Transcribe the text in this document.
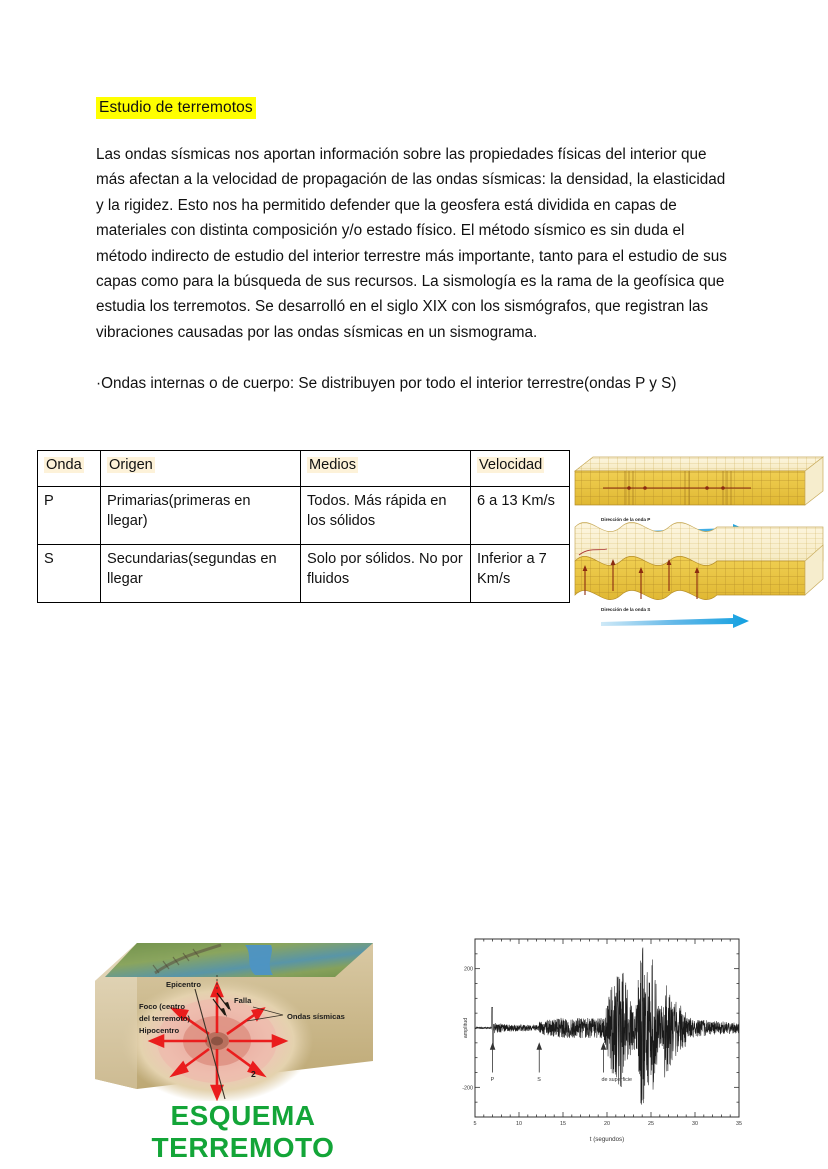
Estudio de terremotos
Las ondas sísmicas nos aportan información sobre las propiedades físicas del interior que más afectan a la velocidad de propagación de las ondas sísmicas: la densidad, la elasticidad y la rigidez. Esto nos ha permitido defender que la geosfera está dividida en capas de materiales con distinta composición y/o estado físico. El método sísmico es sin duda el método indirecto de estudio del interior terrestre más importante, tanto para el estudio de sus capas como para la búsqueda de sus recursos. La sismología es la rama de la geofísica que estudia los terremotos. Se desarrolló en el siglo XIX con los sismógrafos, que registran las vibraciones causadas por las ondas sísmicas en un sismograma.
·Ondas internas o de cuerpo: Se distribuyen por todo el interior terrestre(ondas P y S)
Onda	Origen	Medios	Velocidad
P	Primarias(primeras en llegar)	Todos. Más rápida en los sólidos	6 a 13 Km/s
S	Secundarias(segundas en llegar	Solo por sólidos. No por fluidos	Inferior a 7 Km/s
Dirección de la onda P
Dirección de la onda S
Epicentro
Falla
Foco (centro
del terremoto)
Hipocentro
Ondas sísmicas
2
ESQUEMA TERREMOTO
5	10	15	20	25	30	35
-200
200
P	S	de superficie
t (segundos)
amplitud
